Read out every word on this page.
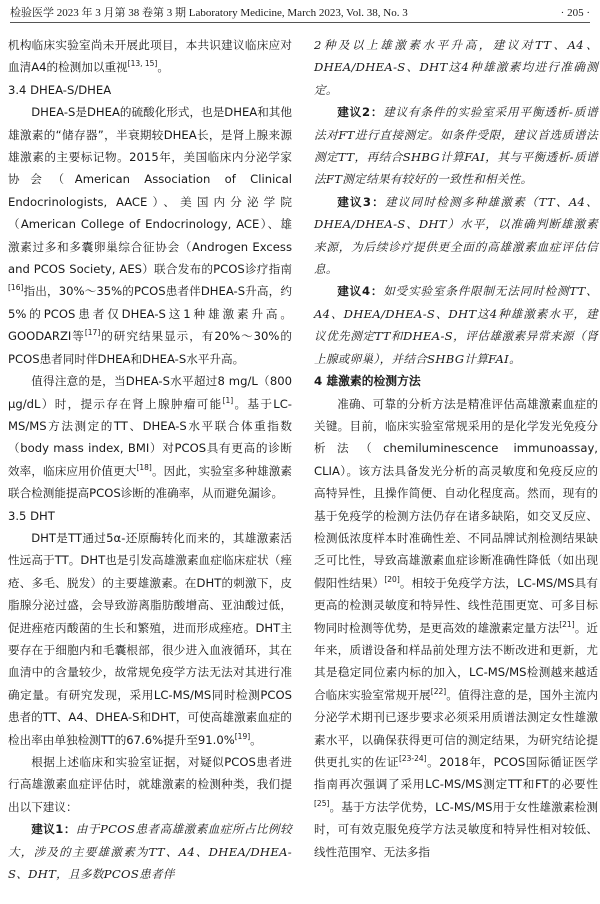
检验医学 2023 年 3 月第 38 卷第 3 期 Laboratory Medicine, March 2023, Vol. 38, No. 3	· 205 ·

机构临床实验室尚未开展此项目，本共识建议临床应对血清A4的检测加以重视[13, 15]。

3.4 DHEA-S/DHEA

DHEA-S是DHEA的硫酸化形式，也是DHEA和其他雄激素的“储存器”，半衰期较DHEA长，是肾上腺来源雄激素的主要标记物。2015年，美国临床内分泌学家协会（American Association of Clinical Endocrinologists, AACE）、美国内分泌学院（American College of Endocrinology, ACE）、雄激素过多和多囊卵巢综合征协会（Androgen Excess and PCOS Society, AES）联合发布的PCOS诊疗指南[16]指出，30%～35%的PCOS患者伴DHEA-S升高，约5%的PCOS患者仅DHEA-S这1种雄激素升高。GOODARZI等[17]的研究结果显示，有20%～30%的PCOS患者同时伴DHEA和DHEA-S水平升高。

值得注意的是，当DHEA-S水平超过8 mg/L（800 μg/dL）时，提示存在肾上腺肿瘤可能[1]。基于LC-MS/MS方法测定的TT、DHEA-S水平联合体重指数（body mass index, BMI）对PCOS具有更高的诊断效率，临床应用价值更大[18]。因此，实验室多种雄激素联合检测能提高PCOS诊断的准确率，从而避免漏诊。

3.5 DHT

DHT是TT通过5α-还原酶转化而来的，其雄激素活性远高于TT。DHT也是引发高雄激素血症临床症状（痤疮、多毛、脱发）的主要雄激素。在DHT的刺激下，皮脂腺分泌过盛，会导致游离脂肪酸增高、亚油酸过低，促进痤疮丙酸菌的生长和繁殖，进而形成痤疮。DHT主要存在于细胞内和毛囊根部，很少进入血液循环，其在血清中的含量较少，故常规免疫学方法无法对其进行准确定量。有研究发现，采用LC-MS/MS同时检测PCOS患者的TT、A4、DHEA-S和DHT，可使高雄激素血症的检出率由单独检测TT的67.6%提升至91.0%[19]。

根据上述临床和实验室证据，对疑似PCOS患者进行高雄激素血症评估时，就雄激素的检测种类，我们提出以下建议：

建议1：由于PCOS患者高雄激素血症所占比例较大，涉及的主要雄激素为TT、A4、DHEA/DHEA-S、DHT，且多数PCOS患者伴

2种及以上雄激素水平升高，建议对TT、A4、DHEA/DHEA-S、DHT这4种雄激素均进行准确测定。

建议2：建议有条件的实验室采用平衡透析-质谱法对FT进行直接测定。如条件受限，建议首选质谱法测定TT，再结合SHBG计算FAI，其与平衡透析-质谱法FT测定结果有较好的一致性和相关性。

建议3：建议同时检测多种雄激素（TT、A4、DHEA/DHEA-S、DHT）水平，以准确判断雄激素来源，为后续诊疗提供更全面的高雄激素血症评估信息。

建议4：如受实验室条件限制无法同时检测TT、A4、DHEA/DHEA-S、DHT这4种雄激素水平，建议优先测定TT和DHEA-S，评估雄激素异常来源（肾上腺或卵巢），并结合SHBG计算FAI。

4 雄激素的检测方法

准确、可靠的分析方法是精准评估高雄激素血症的关键。目前，临床实验室常规采用的是化学发光免疫分析法（chemiluminescence immunoassay, CLIA）。该方法具备发光分析的高灵敏度和免疫反应的高特异性，且操作简便、自动化程度高。然而，现有的基于免疫学的检测方法仍存在诸多缺陷，如交叉反应、检测低浓度样本时准确性差、不同品牌试剂检测结果缺乏可比性，导致高雄激素血症诊断准确性降低（如出现假阳性结果）[20]。相较于免疫学方法，LC-MS/MS具有更高的检测灵敏度和特异性、线性范围更宽、可多目标物同时检测等优势，是更高效的雄激素定量方法[21]。近年来，质谱设备和样品前处理方法不断改进和更新，尤其是稳定同位素内标的加入，LC-MS/MS检测越来越适合临床实验室常规开展[22]。值得注意的是，国外主流内分泌学术期刊已逐步要求必须采用质谱法测定女性雄激素水平，以确保获得更可信的测定结果，为研究结论提供更扎实的佐证[23-24]。2018年，PCOS国际循证医学指南再次强调了采用LC-MS/MS测定TT和FT的必要性[25]。基于方法学优势，LC-MS/MS用于女性雄激素检测时，可有效克服免疫学方法灵敏度和特异性相对较低、线性范围窄、无法多指
